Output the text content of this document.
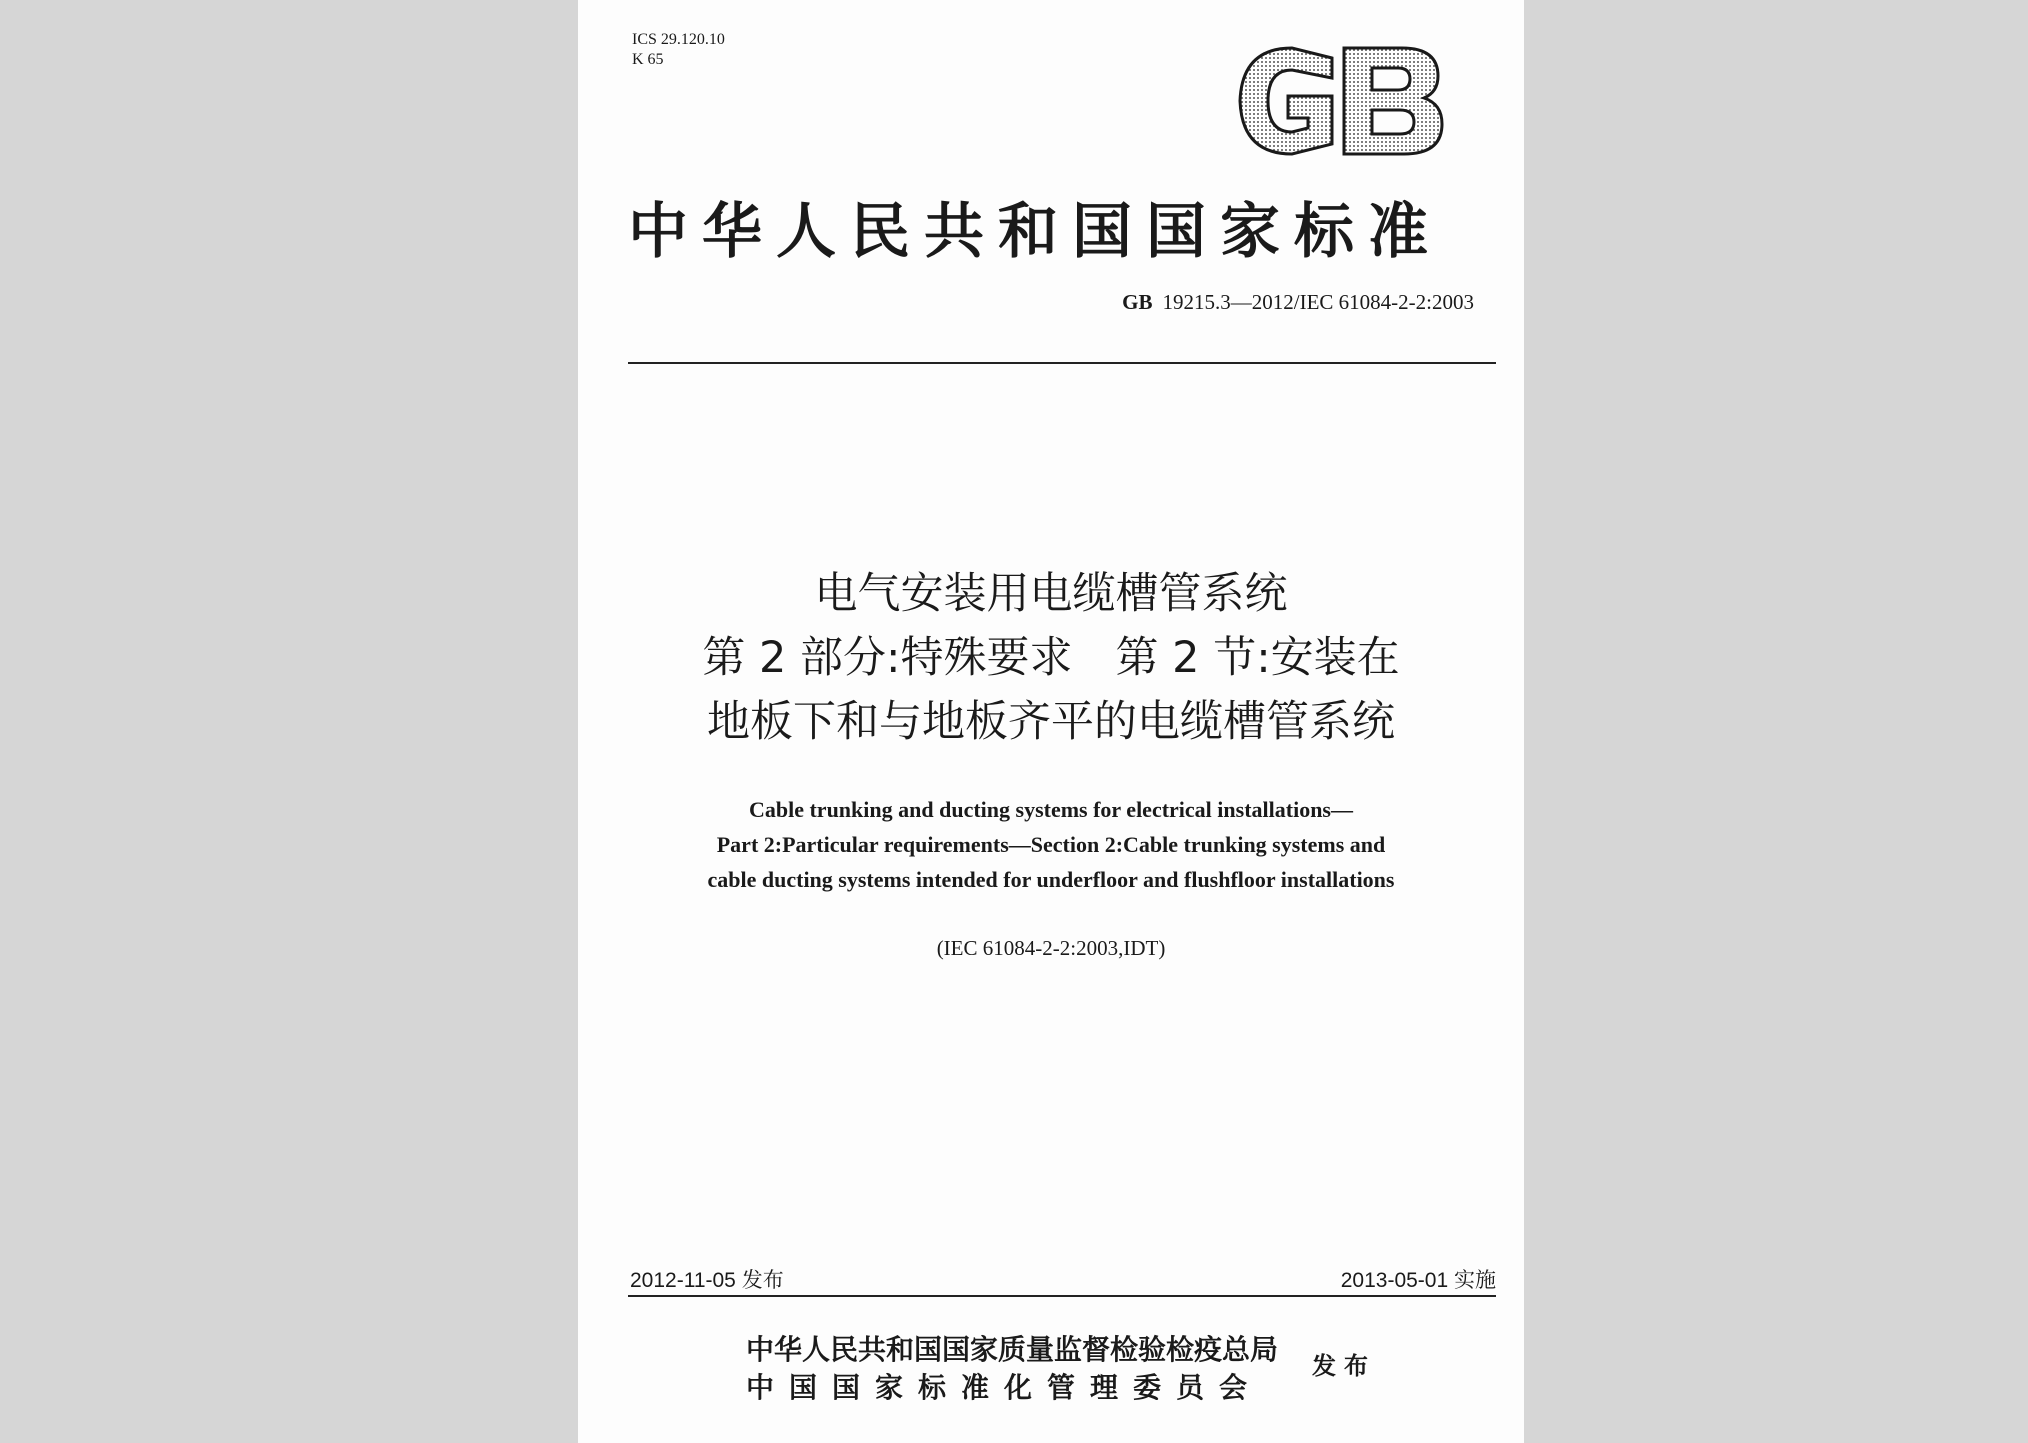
ICS 29.120.10
K 65
中华人民共和国国家标准
GB 19215.3—2012/IEC 61084-2-2:2003
电气安装用电缆槽管系统
第 2 部分:特殊要求　第 2 节:安装在
地板下和与地板齐平的电缆槽管系统
Cable trunking and ducting systems for electrical installations—
Part 2:Particular requirements—Section 2:Cable trunking systems and
cable ducting systems intended for underfloor and flushfloor installations
(IEC 61084-2-2:2003,IDT)
2012-11-05 发布	2013-05-01 实施
中华人民共和国国家质量监督检验检疫总局
中国国家标准化管理委员会
发布
